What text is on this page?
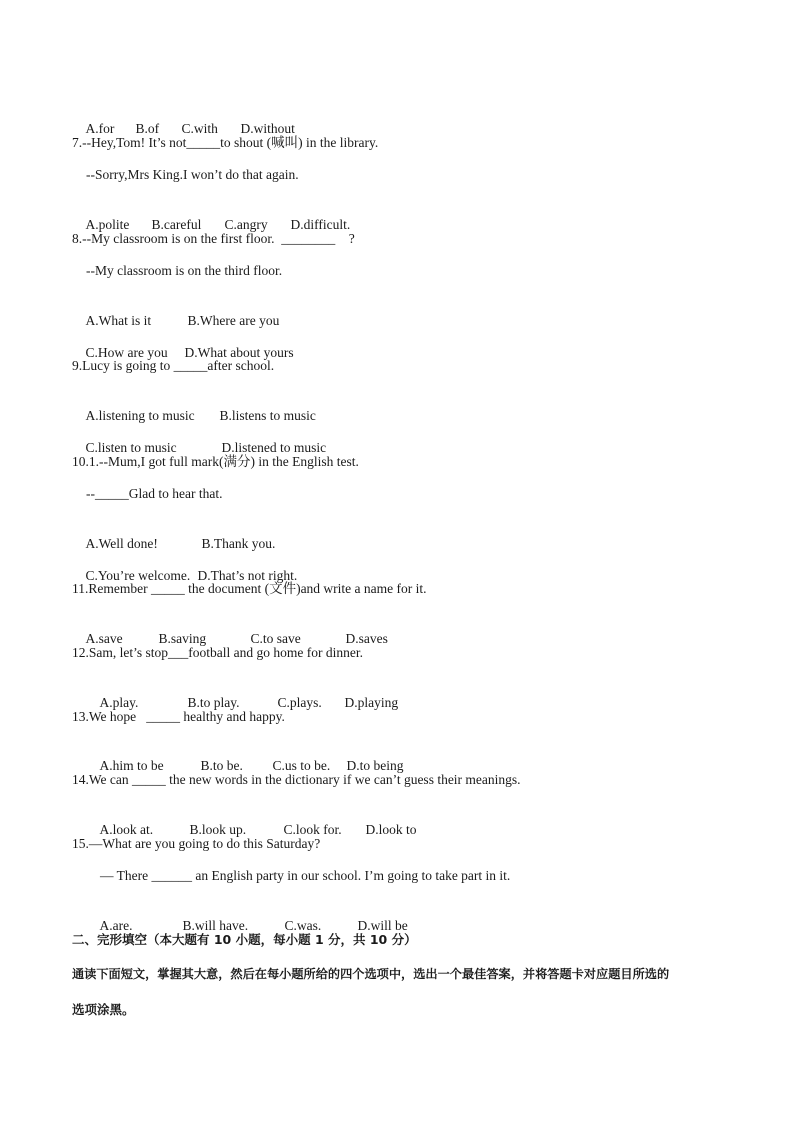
A.for B.of C.with D.without

7.--Hey,Tom! It’s not_____to shout (喊叫) in the library.
--Sorry,Mrs King.I won’t do that again.

A.polite B.careful C.angry D.difficult.

8.--My classroom is on the first floor.  ________    ?
--My classroom is on the third floor.

A.What is it	B.Where are you

C.How are you D.What about yours

9.Lucy is going to _____after school.

A.listening to music B.listens to music

C.listen to music	D.listened to music

10.1.--Mum,I got full mark(满分) in the English test.
--_____Glad to hear that.

A.Well done!	B.Thank you.

C.You’re welcome. D.That’s not right.

11.Remember _____ the document (文件)and write a name for it.

A.save	B.saving	C.to save	D.saves

12.Sam, let’s stop___football and go home for dinner.

A.play.	B.to play.	C.plays. D.playing

13.We hope   _____ healthy and happy.

A.him to be	B.to be. C.us to be. D.to being

14.We can _____ the new words in the dictionary if we can’t guess their meanings.

A.look at.	B.look up.	C.look for. D.look to

15.—What are you going to do this Saturday?
— There ______ an English party in our school. I’m going to take part in it.

A.are.	B.will have.	C.was.	D.will be

二、完形填空（本大题有 10 小题，每小题 1 分，共 10 分）
通读下面短文，掌握其大意，然后在每小题所给的四个选项中，选出一个最佳答案，并将答题卡对应题目所选的
选项涂黑。
